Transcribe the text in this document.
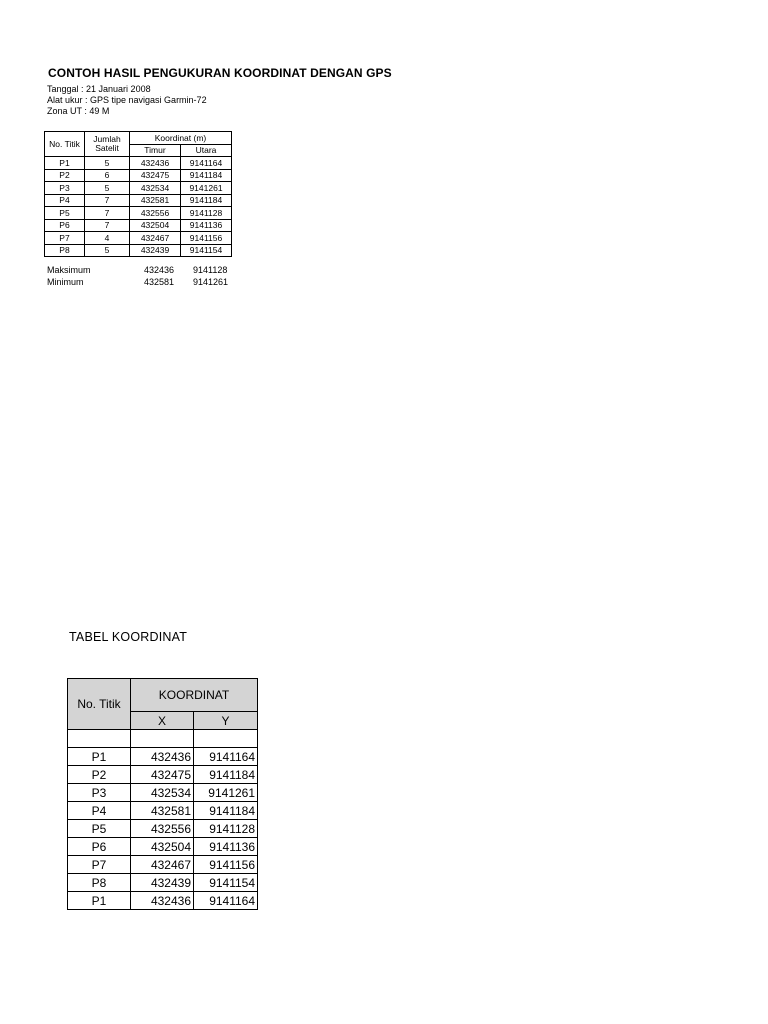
CONTOH HASIL PENGUKURAN KOORDINAT DENGAN GPS
Tanggal : 21 Januari 2008
Alat ukur : GPS tipe navigasi Garmin-72
Zona UT : 49 M
No. Titik	Jumlah Satelit	Koordinat (m)	
		Timur	Utara
P1	5	432436	9141164
P2	6	432475	9141184
P3	5	432534	9141261
P4	7	432581	9141184
P5	7	432556	9141128
P6	7	432504	9141136
P7	4	432467	9141156
P8	5	432439	9141154
Maksimum	432436 9141128
Minimum	432581 9141261
TABEL KOORDINAT
No. Titik	KOORDINAT	
	X	Y

P1	432436	9141164
P2	432475	9141184
P3	432534	9141261
P4	432581	9141184
P5	432556	9141128
P6	432504	9141136
P7	432467	9141156
P8	432439	9141154
P1	432436	9141164
